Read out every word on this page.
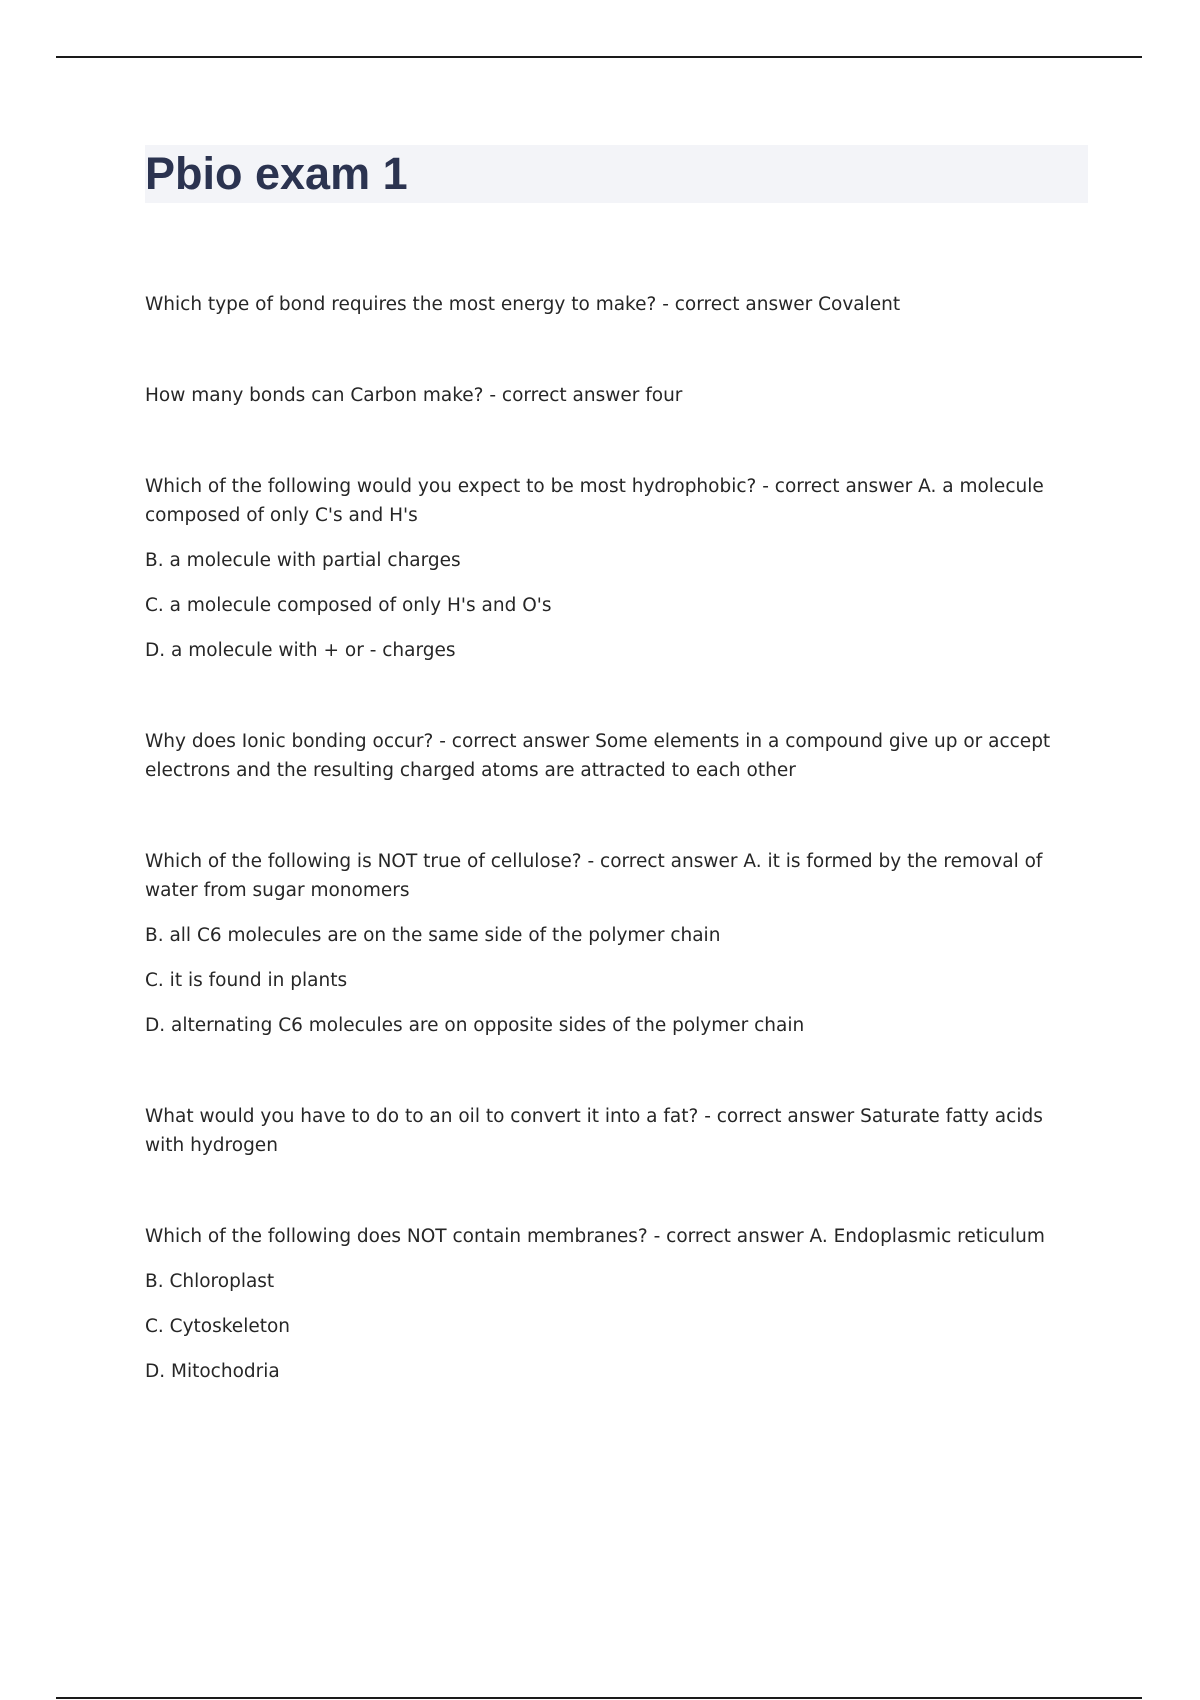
Pbio exam 1

Which type of bond requires the most energy to make? - correct answer Covalent

How many bonds can Carbon make? - correct answer four

Which of the following would you expect to be most hydrophobic? - correct answer A. a molecule composed of only C's and H's

B. a molecule with partial charges

C. a molecule composed of only H's and O's

D. a molecule with + or - charges

Why does Ionic bonding occur? - correct answer Some elements in a compound give up or accept electrons and the resulting charged atoms are attracted to each other

Which of the following is NOT true of cellulose? - correct answer A. it is formed by the removal of water from sugar monomers

B. all C6 molecules are on the same side of the polymer chain

C. it is found in plants

D. alternating C6 molecules are on opposite sides of the polymer chain

What would you have to do to an oil to convert it into a fat? - correct answer Saturate fatty acids with hydrogen

Which of the following does NOT contain membranes? - correct answer A. Endoplasmic reticulum

B. Chloroplast

C. Cytoskeleton

D. Mitochodria
